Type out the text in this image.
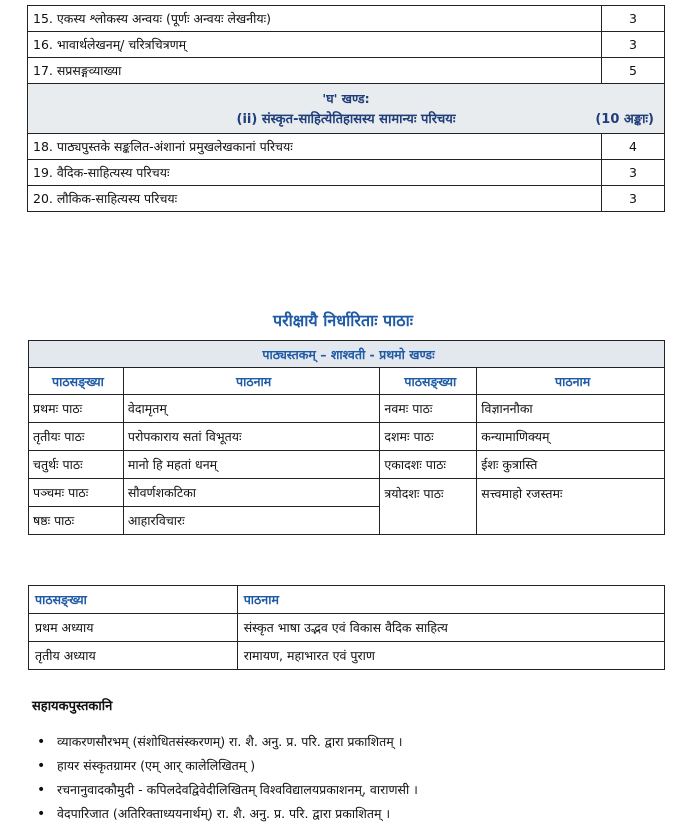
15. एकस्य श्लोकस्य अन्वयः (पूर्णः अन्वयः लेखनीयः)	3
16. भावार्थलेखनम्/ चरित्रचित्रणम्	3
17. सप्रसङ्गव्याख्या	5

'घ' खण्ड:
(ii) संस्कृत-साहित्येतिहासस्य सामान्यः परिचयः (10 अङ्काः)	

18. पाठ्यपुस्तके सङ्कलित-अंशानां प्रमुखलेखकानां परिचयः	4
19. वैदिक-साहित्यस्य परिचयः	3
20. लौकिक-साहित्यस्य परिचयः	3
परीक्षायै निर्धारिताः पाठाः
पाठ्यस्तकम् – शाश्वती - प्रथमो खण्डः			
पाठसङ्ख्या	पाठनाम	पाठसङ्ख्या	पाठनाम
प्रथमः पाठः	वेदामृतम्	नवमः पाठः	विज्ञाननौका
तृतीयः पाठः	परोपकाराय सतां विभूतयः	दशमः पाठः	कन्यामाणिक्यम्
चतुर्थः पाठः	मानो हि महतां धनम्	एकादशः पाठः	ईशः कुत्रास्ति
पञ्चमः पाठः	सौवर्णशकटिका	त्रयोदशः पाठः	सत्त्वमाहो रजस्तमः
षष्ठः पाठः	आहारविचारः		
पाठसङ्ख्या	पाठनाम
प्रथम अध्याय	संस्कृत भाषा उद्भव एवं विकास वैदिक साहित्य
तृतीय अध्याय	रामायण, महाभारत एवं पुराण
सहायकपुस्तकानि
• व्याकरणसौरभम् (संशोधितसंस्करणम्) रा. शै. अनु. प्र. परि. द्वारा प्रकाशितम् ।
• हायर संस्कृतग्रामर (एम् आर् कालेलिखितम् )
• रचनानुवादकौमुदी - कपिलदेवद्विवेदीलिखितम् विश्वविद्यालयप्रकाशनम्, वाराणसी ।
• वेदपारिजात (अतिरिक्ताध्ययनार्थम्) रा. शै. अनु. प्र. परि. द्वारा प्रकाशितम् ।
